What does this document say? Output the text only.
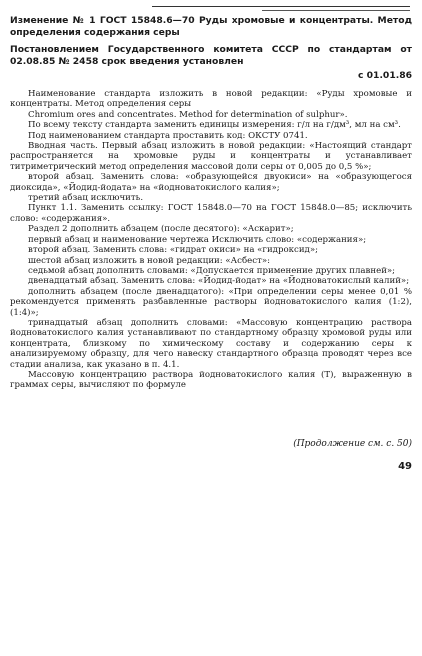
Изменение № 1 ГОСТ 15848.6—70 Руды хромовые и концентраты. Метод определения содержания серы
Постановлением Государственного комитета СССР по стандартам от 02.08.85 № 2458 срок введения установлен
с 01.01.86

Наименование стандарта изложить в новой редакции: «Руды хромовые и концентраты. Метод определения серы

Chromium ores and concentrates. Method for determination of sulphur».

По всему тексту стандарта заменить единицы измерения: г/л на г/дм³, мл на см³.

Под наименованием стандарта проставить код: ОКСТУ 0741.

Вводная часть. Первый абзац изложить в новой редакции: «Настоящий стандарт распространяется на хромовые руды и концентраты и устанавливает титриметрический метод определения массовой доли серы от 0,005 до 0,5 %»;

второй абзац. Заменить слова: «образующейся двуокиси» на «образующегося диоксида», «Йодид-йодата» на «йодноватокислого калия»;

третий абзац исключить.

Пункт 1.1. Заменить ссылку: ГОСТ 15848.0—70 на ГОСТ 15848.0—85; исключить слово: «содержания».

Раздел 2 дополнить абзацем (после десятого): «Аскарит»;

первый абзац и наименование чертежа Исключить слово: «содержания»;

второй абзац. Заменить слова: «гидрат окиси» на «гидроксид»;

шестой абзац изложить в новой редакции: «Асбест»:

седьмой абзац дополнить словами: «Допускается применение других плавней»;

двенадцатый абзац. Заменить слова: «Йодид-йодат» на «Йодноватокислый калий»;

дополнить абзацем (после двенадцатого): «При определении серы менее 0,01 % рекомендуется применять разбавленные растворы йодноватокислого калия (1:2), (1:4)»;

тринадцатый абзац дополнить словами: «Массовую концентрацию раствора йодноватокислого калия устанавливают по стандартному образцу хромовой руды или концентрата, близкому по химическому составу и содержанию серы к анализируемому образцу, для чего навеску стандартного образца проводят через все стадии анализа, как указано в п. 4.1.

Массовую концентрацию раствора йодноватокислого калия (T), выраженную в граммах серы, вычисляют по формуле

(Продолжение см. с. 50)
49
